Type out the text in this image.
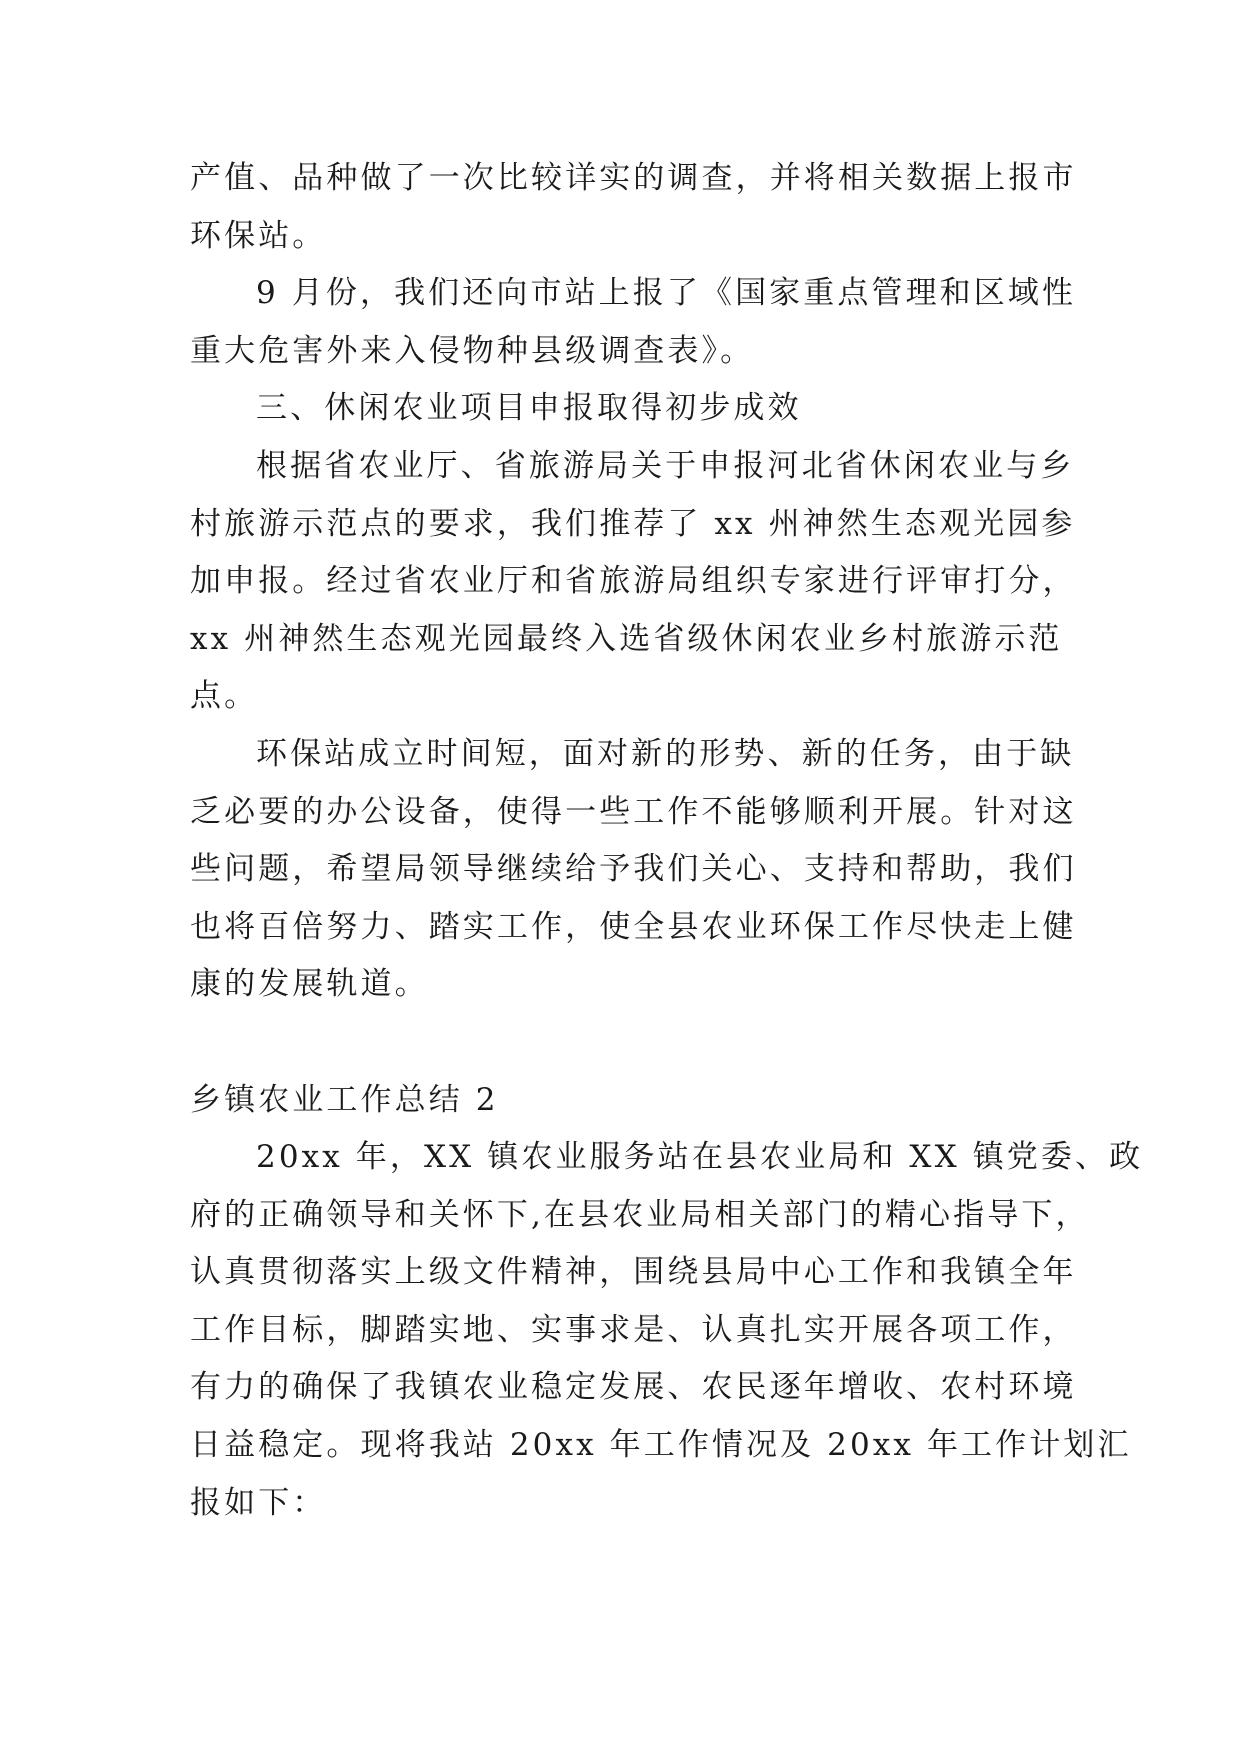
产值、品种做了一次比较详实的调查，并将相关数据上报市
环保站。

9 月份，我们还向市站上报了《国家重点管理和区域性
重大危害外来入侵物种县级调查表》。

三、休闲农业项目申报取得初步成效

根据省农业厅、省旅游局关于申报河北省休闲农业与乡
村旅游示范点的要求，我们推荐了 xx 州神然生态观光园参
加申报。经过省农业厅和省旅游局组织专家进行评审打分，
xx 州神然生态观光园最终入选省级休闲农业乡村旅游示范
点。

环保站成立时间短，面对新的形势、新的任务，由于缺
乏必要的办公设备，使得一些工作不能够顺利开展。针对这
些问题，希望局领导继续给予我们关心、支持和帮助，我们
也将百倍努力、踏实工作，使全县农业环保工作尽快走上健
康的发展轨道。

乡镇农业工作总结 2

20xx 年，XX 镇农业服务站在县农业局和 XX 镇党委、政
府的正确领导和关怀下,在县农业局相关部门的精心指导下，
认真贯彻落实上级文件精神，围绕县局中心工作和我镇全年
工作目标，脚踏实地、实事求是、认真扎实开展各项工作，
有力的确保了我镇农业稳定发展、农民逐年增收、农村环境
日益稳定。现将我站 20xx 年工作情况及 20xx 年工作计划汇
报如下：
